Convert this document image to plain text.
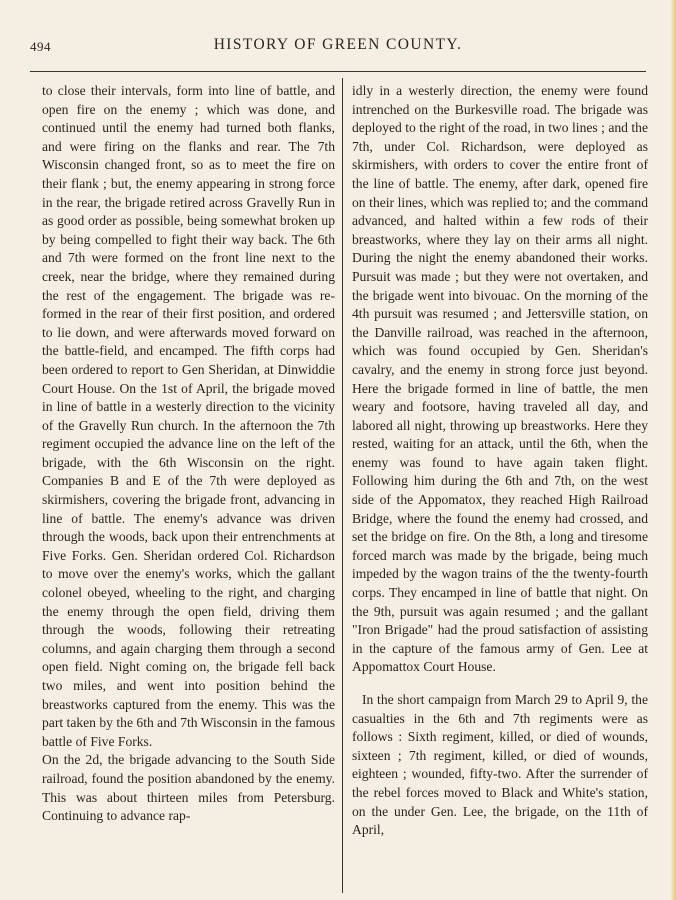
494	HISTORY OF GREEN COUNTY.

to close their intervals, form into line of battle, and open fire on the enemy ; which was done, and continued until the enemy had turned both flanks, and were firing on the flanks and rear. The 7th Wisconsin changed front, so as to meet the fire on their flank ; but, the enemy appearing in strong force in the rear, the brigade retired across Gravelly Run in as good order as possible, being somewhat broken up by being compelled to fight their way back. The 6th and 7th were formed on the front line next to the creek, near the bridge, where they remained during the rest of the engagement. The brigade was re-formed in the rear of their first position, and ordered to lie down, and were afterwards moved forward on the battle-field, and encamped. The fifth corps had been ordered to report to Gen Sheridan, at Dinwiddie Court House. On the 1st of April, the brigade moved in line of battle in a westerly direction to the vicinity of the Gravelly Run church. In the afternoon the 7th regiment occupied the advance line on the left of the brigade, with the 6th Wisconsin on the right. Companies B and E of the 7th were deployed as skirmishers, covering the brigade front, advancing in line of battle. The enemy's advance was driven through the woods, back upon their entrenchments at Five Forks. Gen. Sheridan ordered Col. Richardson to move over the enemy's works, which the gallant colonel obeyed, wheeling to the right, and charging the enemy through the open field, driving them through the woods, following their retreating columns, and again charging them through a second open field. Night coming on, the brigade fell back two miles, and went into position behind the breastworks captured from the enemy. This was the part taken by the 6th and 7th Wisconsin in the famous battle of Five Forks.

On the 2d, the brigade advancing to the South Side railroad, found the position abandoned by the enemy. This was about thirteen miles from Petersburg. Continuing to advance rap-

idly in a westerly direction, the enemy were found intrenched on the Burkesville road. The brigade was deployed to the right of the road, in two lines ; and the 7th, under Col. Richardson, were deployed as skirmishers, with orders to cover the entire front of the line of battle. The enemy, after dark, opened fire on their lines, which was replied to; and the command advanced, and halted within a few rods of their breastworks, where they lay on their arms all night. During the night the enemy abandoned their works. Pursuit was made ; but they were not overtaken, and the brigade went into bivouac. On the morning of the 4th pursuit was resumed ; and Jettersville station, on the Danville railroad, was reached in the afternoon, which was found occupied by Gen. Sheridan's cavalry, and the enemy in strong force just beyond. Here the brigade formed in line of battle, the men weary and footsore, having traveled all day, and labored all night, throwing up breastworks. Here they rested, waiting for an attack, until the 6th, when the enemy was found to have again taken flight. Following him during the 6th and 7th, on the west side of the Appomatox, they reached High Railroad Bridge, where the found the enemy had crossed, and set the bridge on fire. On the 8th, a long and tiresome forced march was made by the brigade, being much impeded by the wagon trains of the the twenty-fourth corps. They encamped in line of battle that night. On the 9th, pursuit was again resumed ; and the gallant "Iron Brigade" had the proud satisfaction of assisting in the capture of the famous army of Gen. Lee at Appomattox Court House.

In the short campaign from March 29 to April 9, the casualties in the 6th and 7th regiments were as follows : Sixth regiment, killed, or died of wounds, sixteen ; 7th regiment, killed, or died of wounds, eighteen ; wounded, fifty-two. After the surrender of the rebel forces moved to Black and White's station, on the under Gen. Lee, the brigade, on the 11th of April,
